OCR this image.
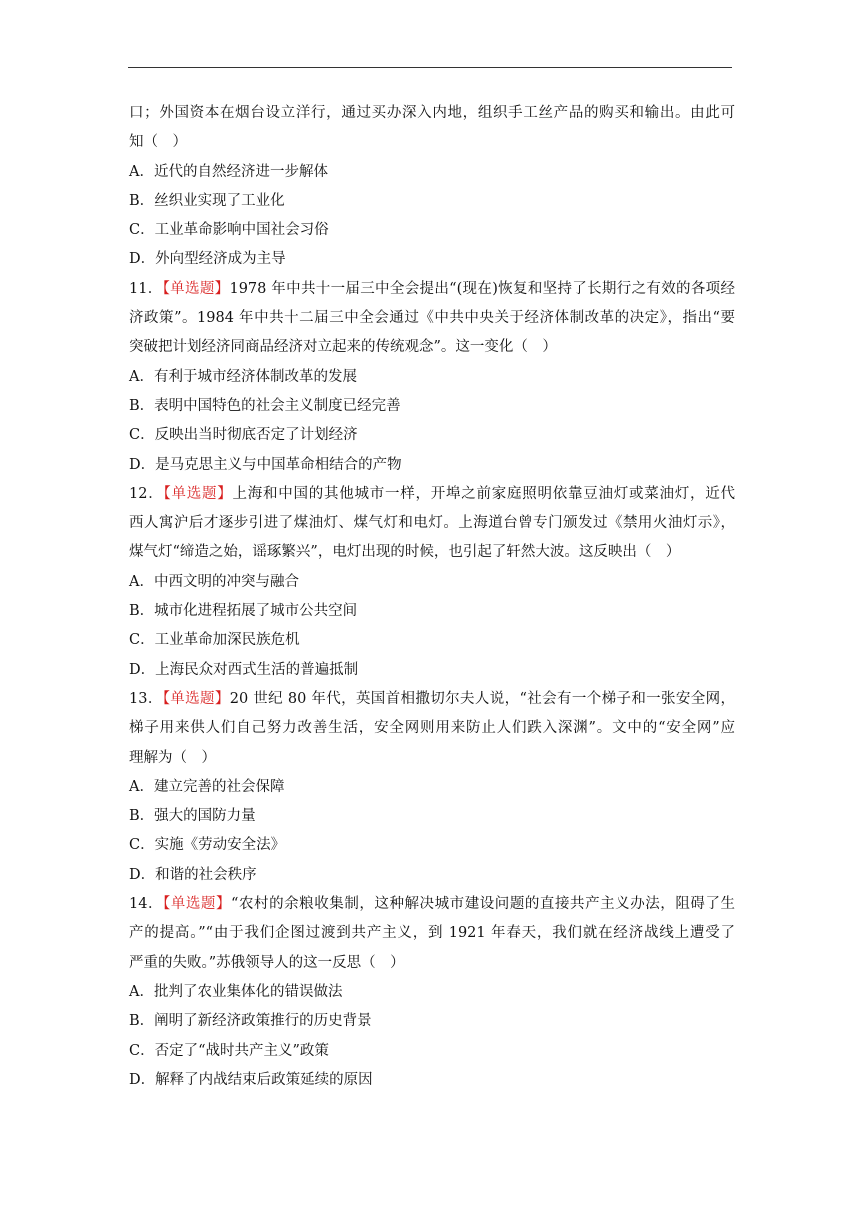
口；外国资本在烟台设立洋行，通过买办深入内地，组织手工丝产品的购买和输出。由此可
知（　）
A．近代的自然经济进一步解体
B．丝织业实现了工业化
C．工业革命影响中国社会习俗
D．外向型经济成为主导
11．【单选题】1978 年中共十一届三中全会提出“(现在)恢复和坚持了长期行之有效的各项经
济政策”。1984 年中共十二届三中全会通过《中共中央关于经济体制改革的决定》，指出“要
突破把计划经济同商品经济对立起来的传统观念”。这一变化（　）
A．有利于城市经济体制改革的发展
B．表明中国特色的社会主义制度已经完善
C．反映出当时彻底否定了计划经济
D．是马克思主义与中国革命相结合的产物
12．【单选题】上海和中国的其他城市一样，开埠之前家庭照明依靠豆油灯或菜油灯，近代
西人寓沪后才逐步引进了煤油灯、煤气灯和电灯。上海道台曾专门颁发过《禁用火油灯示》，
煤气灯“缔造之始，谣琢繁兴”，电灯出现的时候，也引起了轩然大波。这反映出（　）
A．中西文明的冲突与融合
B．城市化进程拓展了城市公共空间
C．工业革命加深民族危机
D．上海民众对西式生活的普遍抵制
13．【单选题】20 世纪 80 年代，英国首相撒切尔夫人说，“社会有一个梯子和一张安全网，
梯子用来供人们自己努力改善生活，安全网则用来防止人们跌入深渊”。文中的“安全网”应
理解为（　）
A．建立完善的社会保障
B．强大的国防力量
C．实施《劳动安全法》
D．和谐的社会秩序
14．【单选题】“农村的余粮收集制，这种解决城市建设问题的直接共产主义办法，阻碍了生
产的提高。”“由于我们企图过渡到共产主义，到 1921 年春天，我们就在经济战线上遭受了
严重的失败。”苏俄领导人的这一反思（　）
A．批判了农业集体化的错误做法
B．阐明了新经济政策推行的历史背景
C．否定了“战时共产主义”政策
D．解释了内战结束后政策延续的原因
